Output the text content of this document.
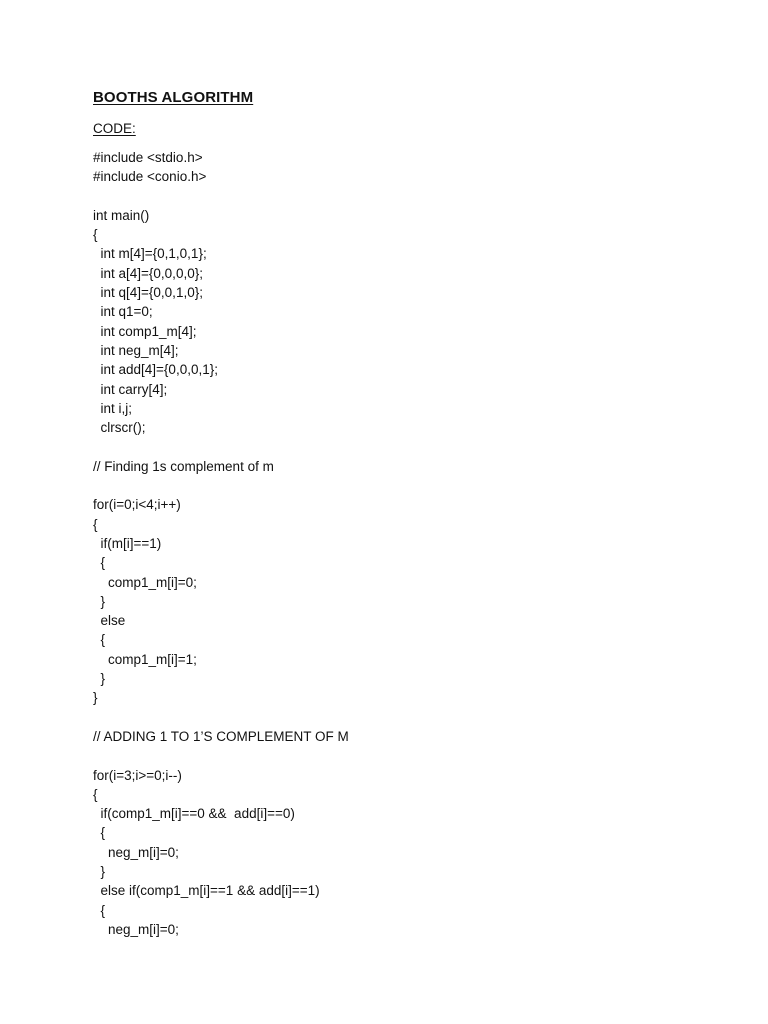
BOOTHS ALGORITHM
CODE:
#include <stdio.h>
#include <conio.h>
int main()
{
int m[4]={0,1,0,1};
int a[4]={0,0,0,0};
int q[4]={0,0,1,0};
int q1=0;
int comp1_m[4];
int neg_m[4];
int add[4]={0,0,0,1};
int carry[4];
int i,j;
clrscr();
// Finding 1s complement of m
for(i=0;i<4;i++)
{
if(m[i]==1)
{
comp1_m[i]=0;
}
else
{
comp1_m[i]=1;
}
}
// ADDING 1 TO 1’S COMPLEMENT OF M
for(i=3;i>=0;i--)
{
if(comp1_m[i]==0 &&  add[i]==0)
{
neg_m[i]=0;
}
else if(comp1_m[i]==1 && add[i]==1)
{
neg_m[i]=0;
